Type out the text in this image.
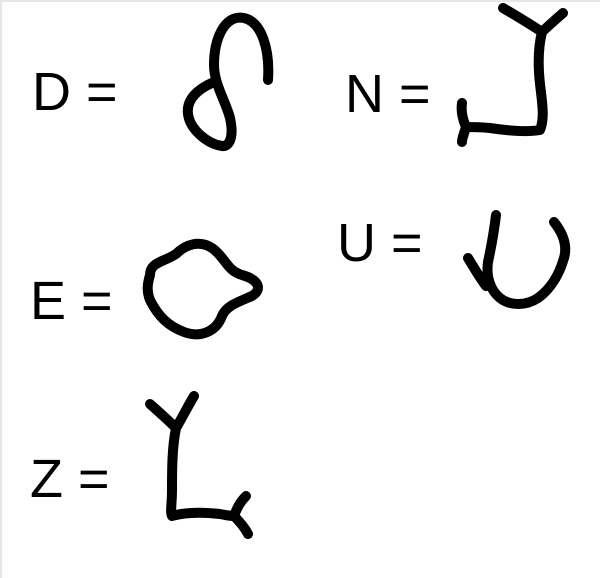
D =	N =
E =
U =
Z =
